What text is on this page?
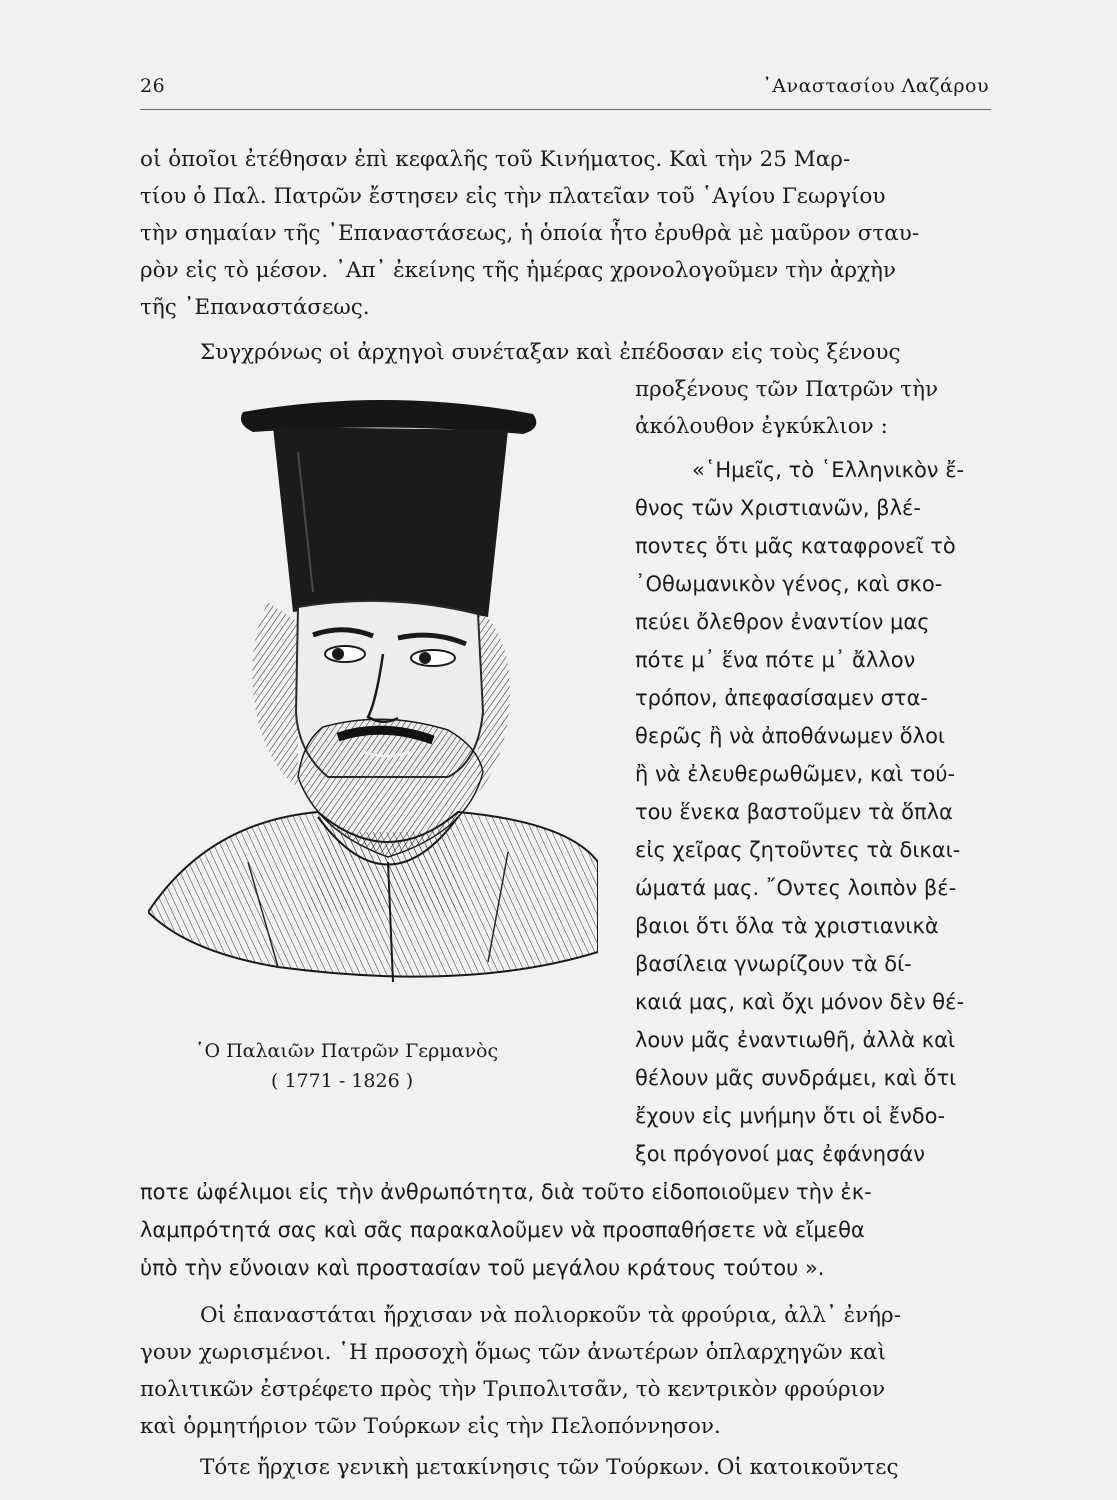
26	᾽Αναστασίου Λαζάρου
οἱ ὁποῖοι ἐτέθησαν ἐπὶ κεφαλῆς τοῦ Κινήματος. Καὶ τὴν 25 Μαρ-
τίου ὁ Παλ. Πατρῶν ἔστησεν εἰς τὴν πλατεῖαν τοῦ ῾Αγίου Γεωργίου
τὴν σημαίαν τῆς ᾽Επαναστάσεως, ἡ ὁποία ἦτο ἐρυθρὰ μὲ μαῦρον σταυ-
ρὸν εἰς τὸ μέσον. ᾽Απ᾽ ἐκείνης τῆς ἡμέρας χρονολογοῦμεν τὴν ἀρχὴν
τῆς ᾽Επαναστάσεως.
Συγχρόνως οἱ ἀρχηγοὶ συνέταξαν καὶ ἐπέδοσαν εἰς τοὺς ξένους
προξένους τῶν Πατρῶν τὴν
ἀκόλουθον ἐγκύκλιον :
«῾Ημεῖς, τὸ ῾Ελληνικὸν ἔ-
θνος τῶν Χριστιανῶν, βλέ-
ποντες ὅτι μᾶς καταφρονεῖ τὸ
᾽Οθωμανικὸν γένος, καὶ σκο-
πεύει ὄλεθρον ἐναντίον μας
πότε μ᾽ ἕνα πότε μ᾽ ἄλλον
τρόπον, ἀπεφασίσαμεν στα-
θερῶς ἢ νὰ ἀποθάνωμεν ὅλοι
ἢ νὰ ἐλευθερωθῶμεν, καὶ τού-
του ἕνεκα βαστοῦμεν τὰ ὅπλα
εἰς χεῖρας ζητοῦντες τὰ δικαι-
ώματά μας. ῎Οντες λοιπὸν βέ-
βαιοι ὅτι ὅλα τὰ χριστιανικὰ
βασίλεια γνωρίζουν τὰ δί-
καιά μας, καὶ ὄχι μόνον δὲν θέ-
λουν μᾶς ἐναντιωθῆ, ἀλλὰ καὶ
θέλουν μᾶς συνδράμει, καὶ ὅτι
ἔχουν εἰς μνήμην ὅτι οἱ ἔνδο-
ξοι πρόγονοί μας ἐφάνησάν
ποτε ὠφέλιμοι εἰς τὴν ἀνθρωπότητα, διὰ τοῦτο εἰδοποιοῦμεν τὴν ἐκ-
λαμπρότητά σας καὶ σᾶς παρακαλοῦμεν νὰ προσπαθήσετε νὰ εἴμεθα
ὑπὸ τὴν εὔνοιαν καὶ προστασίαν τοῦ μεγάλου κράτους τούτου ».
Οἱ ἐπαναστάται ἤρχισαν νὰ πολιορκοῦν τὰ φρούρια, ἀλλ᾽ ἐνήρ-
γουν χωρισμένοι. ῾Η προσοχὴ ὅμως τῶν ἀνωτέρων ὁπλαρχηγῶν καὶ
πολιτικῶν ἐστρέφετο πρὸς τὴν Τριπολιτσᾶν, τὸ κεντρικὸν φρούριον
καὶ ὁρμητήριον τῶν Τούρκων εἰς τὴν Πελοπόννησον.
Τότε ἤρχισε γενικὴ μετακίνησις τῶν Τούρκων. Οἱ κατοικοῦντες
῾Ο Παλαιῶν Πατρῶν Γερμανὸς
( 1771 - 1826 )
